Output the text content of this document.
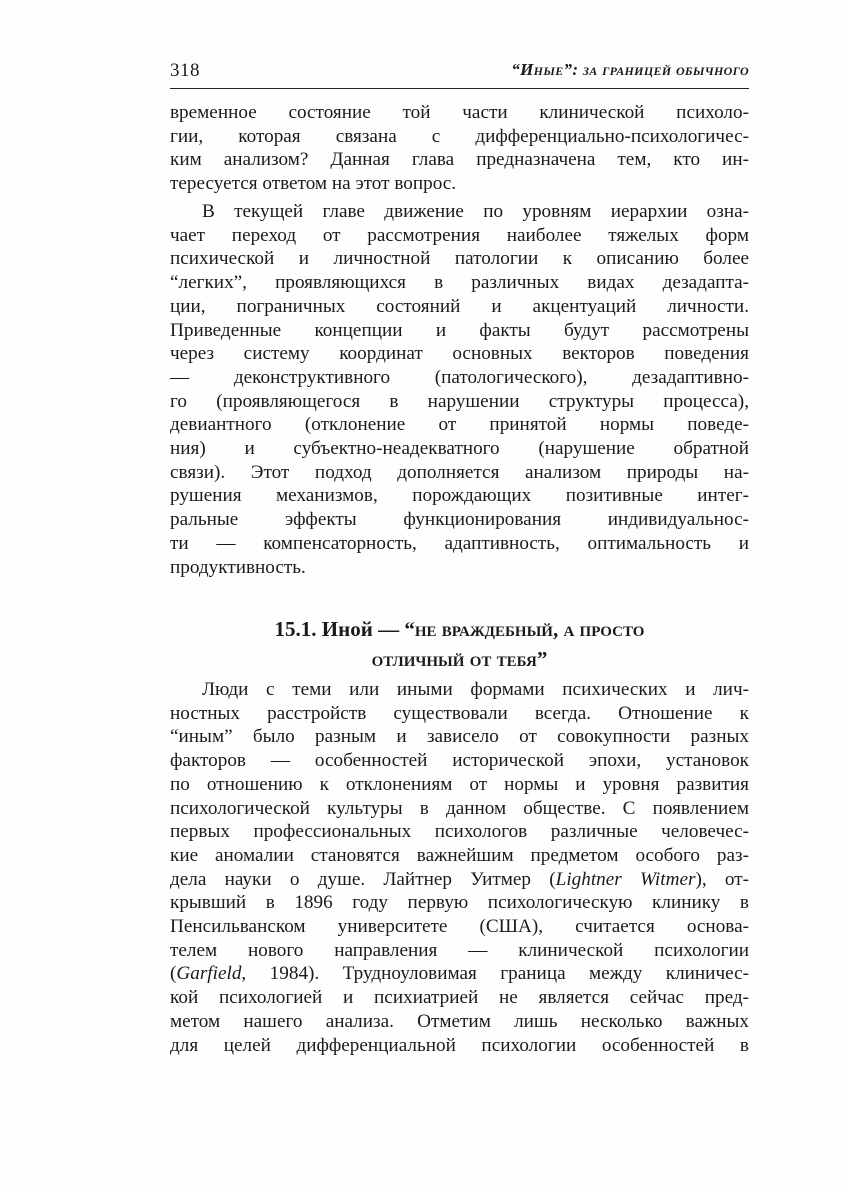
318	“Иные”: за границей обычного
временное состояние той части клинической психоло-
гии, которая связана с дифференциально-психологичес-
ким анализом? Данная глава предназначена тем, кто ин-
тересуется ответом на этот вопрос.
В текущей главе движение по уровням иерархии озна-
чает переход от рассмотрения наиболее тяжелых форм
психической и личностной патологии к описанию более
“легких”, проявляющихся в различных видах дезадапта-
ции, пограничных состояний и акцентуаций личности.
Приведенные концепции и факты будут рассмотрены
через систему координат основных векторов поведения
— деконструктивного (патологического), дезадаптивно-
го (проявляющегося в нарушении структуры процесса),
девиантного (отклонение от принятой нормы поведе-
ния) и субъектно-неадекватного (нарушение обратной
связи). Этот подход дополняется анализом природы на-
рушения механизмов, порождающих позитивные интег-
ральные эффекты функционирования индивидуальнос-
ти — компенсаторность, адаптивность, оптимальность и
продуктивность.
15.1. Иной — “не враждебный, а просто
отличный от тебя”
Люди с теми или иными формами психических и лич-
ностных расстройств существовали всегда. Отношение к
“иным” было разным и зависело от совокупности разных
факторов — особенностей исторической эпохи, установок
по отношению к отклонениям от нормы и уровня развития
психологической культуры в данном обществе. С появлением
первых профессиональных психологов различные человечес-
кие аномалии становятся важнейшим предметом особого раз-
дела науки о душе. Лайтнер Уитмер (Lightner Witmer), от-
крывший в 1896 году первую психологическую клинику в
Пенсильванском университете (США), считается основа-
телем нового направления — клинической психологии
(Garfield, 1984). Трудноуловимая граница между клиничес-
кой психологией и психиатрией не является сейчас пред-
метом нашего анализа. Отметим лишь несколько важных
для целей дифференциальной психологии особенностей в
